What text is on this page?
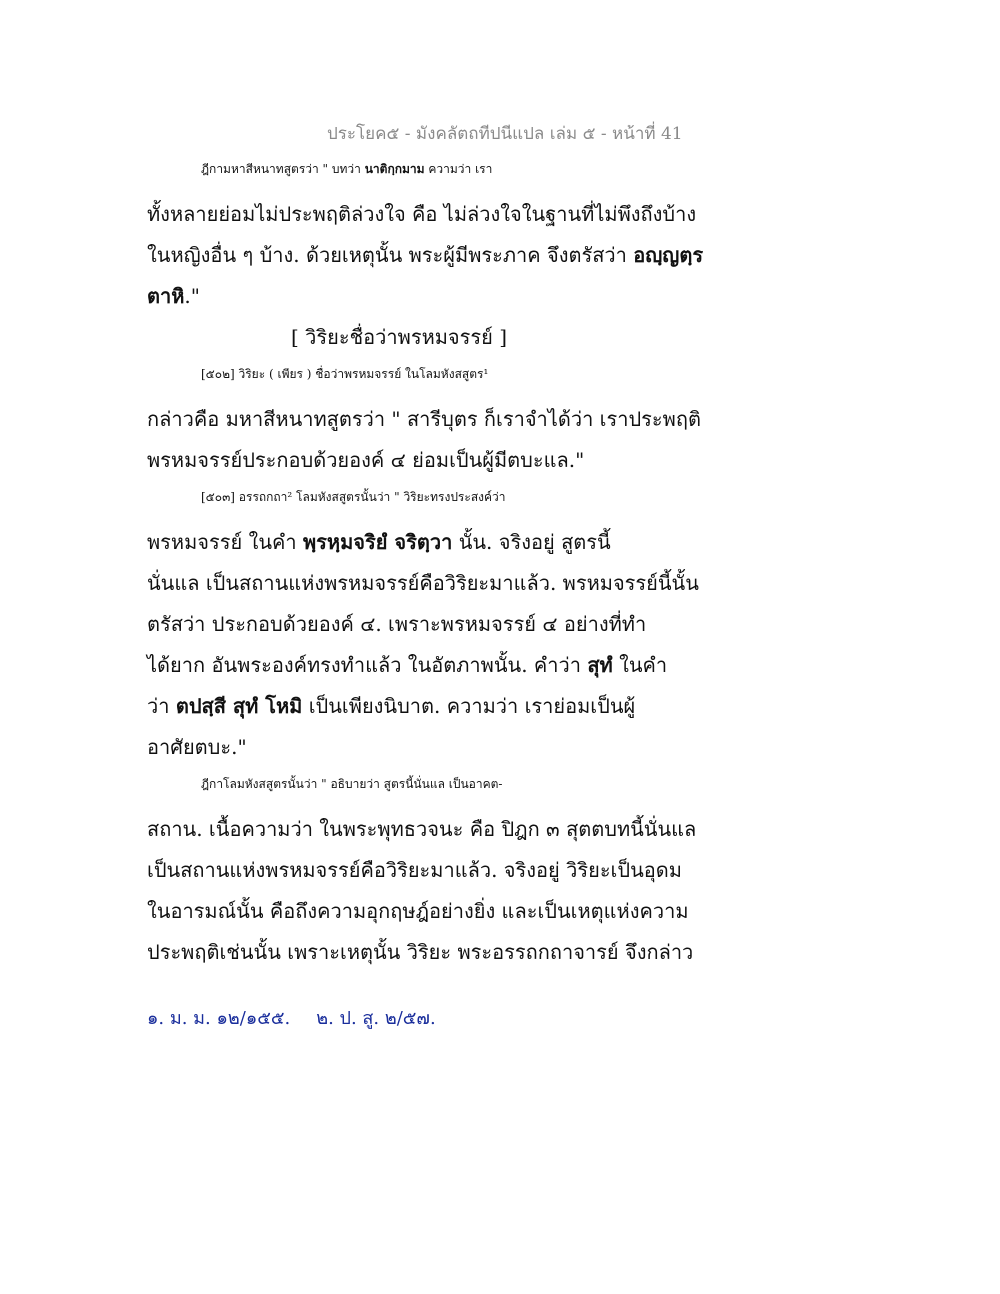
ประโยค๕ - มังคลัตถทีปนีแปล เล่ม ๕ - หน้าที่ 41
ฎีกามหาสีหนาทสูตรว่า " บทว่า นาติกฺกมาม ความว่า เรา
ทั้งหลายย่อมไม่ประพฤติล่วงใจ คือ ไม่ล่วงใจในฐานที่ไม่พึงถึงบ้าง
ในหญิงอื่น ๆ บ้าง. ด้วยเหตุนั้น พระผู้มีพระภาค จึงตรัสว่า อญฺญตฺร
ตาหิ."
[ วิริยะชื่อว่าพรหมจรรย์ ]
[๕๐๒] วิริยะ ( เพียร ) ชื่อว่าพรหมจรรย์ ในโลมหังสสูตร¹
กล่าวคือ มหาสีหนาทสูตรว่า " สารีบุตร ก็เราจำได้ว่า เราประพฤติ
พรหมจรรย์ประกอบด้วยองค์ ๔ ย่อมเป็นผู้มีตบะแล."
[๕๐๓] อรรถกถา² โลมหังสสูตรนั้นว่า " วิริยะทรงประสงค์ว่า
พรหมจรรย์ ในคำ พฺรหฺมจริยํ จริตฺวา นั้น. จริงอยู่ สูตรนี้
นั่นแล เป็นสถานแห่งพรหมจรรย์คือวิริยะมาแล้ว. พรหมจรรย์นี้นั้น
ตรัสว่า ประกอบด้วยองค์ ๔. เพราะพรหมจรรย์ ๔ อย่างที่ทำ
ได้ยาก อันพระองค์ทรงทำแล้ว ในอัตภาพนั้น. คำว่า สุทํ ในคำ
ว่า ตปสฺสี สุทํ โหมิ เป็นเพียงนิบาต. ความว่า เราย่อมเป็นผู้
อาศัยตบะ."
ฎีกาโลมหังสสูตรนั้นว่า " อธิบายว่า สูตรนี้นั่นแล เป็นอาคต-
สถาน. เนื้อความว่า ในพระพุทธวจนะ คือ ปิฎก ๓ สุตตบทนี้นั่นแล
เป็นสถานแห่งพรหมจรรย์คือวิริยะมาแล้ว. จริงอยู่ วิริยะเป็นอุดม
ในอารมณ์นั้น คือถึงความอุกฤษฎ์อย่างยิ่ง และเป็นเหตุแห่งความ
ประพฤติเช่นนั้น เพราะเหตุนั้น วิริยะ พระอรรถกถาจารย์ จึงกล่าว
๑. ม. ม. ๑๒/๑๕๕. ๒. ป. สู. ๒/๕๗.
